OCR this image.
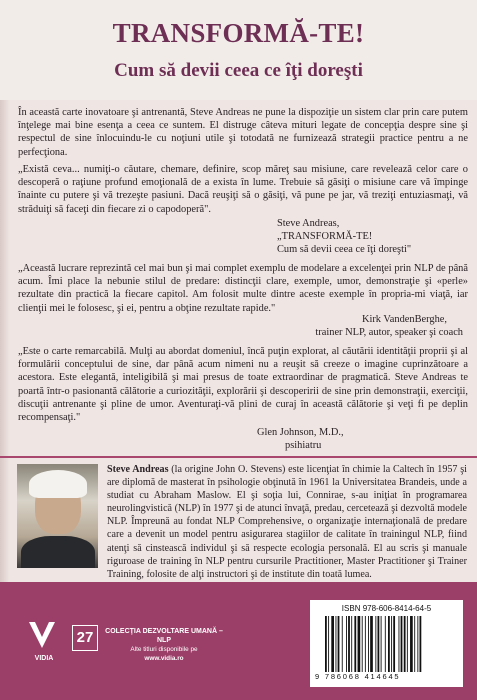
TRANSFORMĂ-TE!
Cum să devii ceea ce îţi doreşti

În această carte inovatoare şi antrenantă, Steve Andreas ne pune la dispoziţie un sistem clar prin care putem înţelege mai bine esenţa a ceea ce suntem. El distruge câteva mituri legate de concepţia despre sine şi respectul de sine înlocuindu-le cu noţiuni utile şi totodată ne furnizează strategii practice pentru a ne perfecţiona.

„Există ceva... numiţi-o căutare, chemare, definire, scop măreţ sau misiune, care revelează celor care o descoperă o raţiune profund emoţională de a exista în lume. Trebuie să găsiţi o misiune care vă împinge înainte cu putere şi vă trezeşte pasiuni. Dacă reuşiţi să o găsiţi, vă pune pe jar, vă treziţi entuziasmaţi, vă străduiţi să faceţi din fiecare zi o capodoperă".

Steve Andreas,
„TRANSFORMĂ-TE!
Cum să devii ceea ce îţi doreşti"

„Această lucrare reprezintă cel mai bun şi mai complet exemplu de modelare a excelenţei prin NLP de până acum. Îmi place la nebunie stilul de predare: distincţii clare, exemple, umor, demonstraţie şi «perle» rezultate din practică la fiecare capitol. Am folosit multe dintre aceste exemple în propria-mi viaţă, iar clienţii mei le folosesc, şi ei, pentru a obţine rezultate rapide."

Kirk VandenBerghe,
trainer NLP, autor, speaker şi coach

„Este o carte remarcabilă. Mulţi au abordat domeniul, încă puţin explorat, al căutării identităţii proprii şi al formulării conceptului de sine, dar până acum nimeni nu a reuşit să creeze o imagine cuprinzătoare a acestora. Este elegantă, inteligibilă şi mai presus de toate extraordinar de pragmatică. Steve Andreas te poartă într-o pasionantă călătorie a curiozităţii, explorării şi descoperirii de sine prin demonstraţii, exerciţii, discuţii antrenante şi pline de umor. Aventuraţi-vă plini de curaj în această călătorie şi veţi fi pe deplin recompensaţi."

Glen Johnson, M.D.,
psihiatru

Steve Andreas (la origine John O. Stevens) este licenţiat în chimie la Caltech în 1957 şi are diplomă de masterat în psihologie obţinută în 1961 la Universitatea Brandeis, unde a studiat cu Abraham Maslow. El şi soţia lui, Connirae, s-au iniţiat în programarea neurolingvistică (NLP) în 1977 şi de atunci învaţă, predau, cercetează şi dezvoltă modele NLP. Împreună au fondat NLP Comprehensive, o organizaţie internaţională de predare care a devenit un model pentru asigurarea stagiilor de calitate în trainingul NLP, fiind atenţi să cinstească individul şi să respecte ecologia personală. El au scris şi manuale riguroase de training în NLP pentru cursurile Practitioner, Master Practitioner şi Trainer Training, folosite de alţi instructori şi de institute din toată lumea.

VIDIA
27	COLECŢIA DEZVOLTARE UMANĂ – NLP
Alte titluri disponibile pe
www.vidia.ro
ISBN 978-606-8414-64-5
9 786068 414645
